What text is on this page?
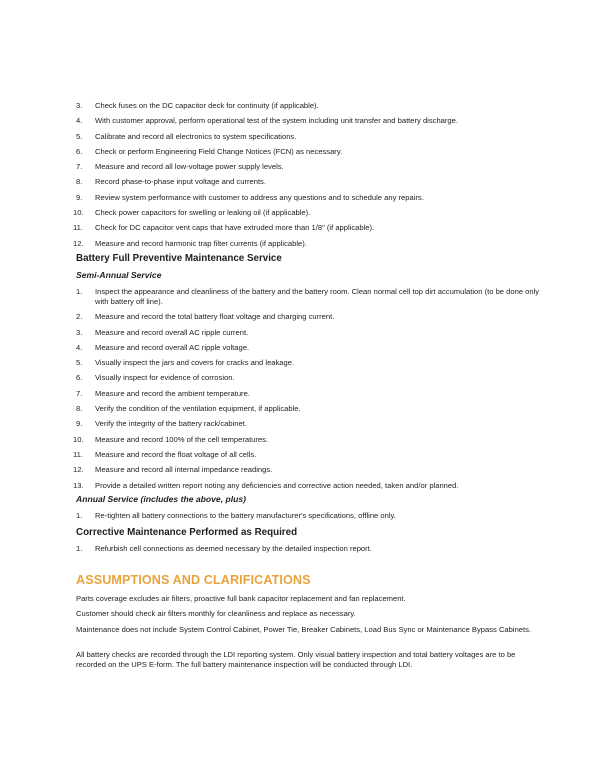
3.	Check fuses on the DC capacitor deck for continuity (if applicable).
4.	With customer approval, perform operational test of the system including unit transfer and battery discharge.
5.	Calibrate and record all electronics to system specifications.
6.	Check or perform Engineering Field Change Notices (FCN) as necessary.
7.	Measure and record all low-voltage power supply levels.
8.	Record phase-to-phase input voltage and currents.
9.	Review system performance with customer to address any questions and to schedule any repairs.
10.	Check power capacitors for swelling or leaking oil (if applicable).
11.	Check for DC capacitor vent caps that have extruded more than 1/8" (if applicable).
12.	Measure and record harmonic trap filter currents (if applicable).
Battery Full Preventive Maintenance Service
Semi-Annual Service
1.	Inspect the appearance and cleanliness of the battery and the battery room. Clean normal cell top dirt accumulation (to be done only with battery off line).
2.	Measure and record the total battery float voltage and charging current.
3.	Measure and record overall AC ripple current.
4.	Measure and record overall AC ripple voltage.
5.	Visually inspect the jars and covers for cracks and leakage.
6.	Visually inspect for evidence of corrosion.
7.	Measure and record the ambient temperature.
8.	Verify the condition of the ventilation equipment, if applicable.
9.	Verify the integrity of the battery rack/cabinet.
10.	Measure and record 100% of the cell temperatures.
11.	Measure and record the float voltage of all cells.
12.	Measure and record all internal impedance readings.
13.	Provide a detailed written report noting any deficiencies and corrective action needed, taken and/or planned.
Annual Service (includes the above, plus)
1.	Re-tighten all battery connections to the battery manufacturer's specifications, offline only.
Corrective Maintenance Performed as Required
1.	Refurbish cell connections as deemed necessary by the detailed inspection report.
ASSUMPTIONS AND CLARIFICATIONS
Parts coverage excludes air filters, proactive full bank capacitor replacement and fan replacement.
Customer should check air filters monthly for cleanliness and replace as necessary.
Maintenance does not include System Control Cabinet, Power Tie, Breaker Cabinets, Load Bus Sync or Maintenance Bypass Cabinets.
All battery checks are recorded through the LDI reporting system. Only visual battery inspection and total battery voltages are to be recorded on the UPS E-form. The full battery maintenance inspection will be conducted through LDI.
